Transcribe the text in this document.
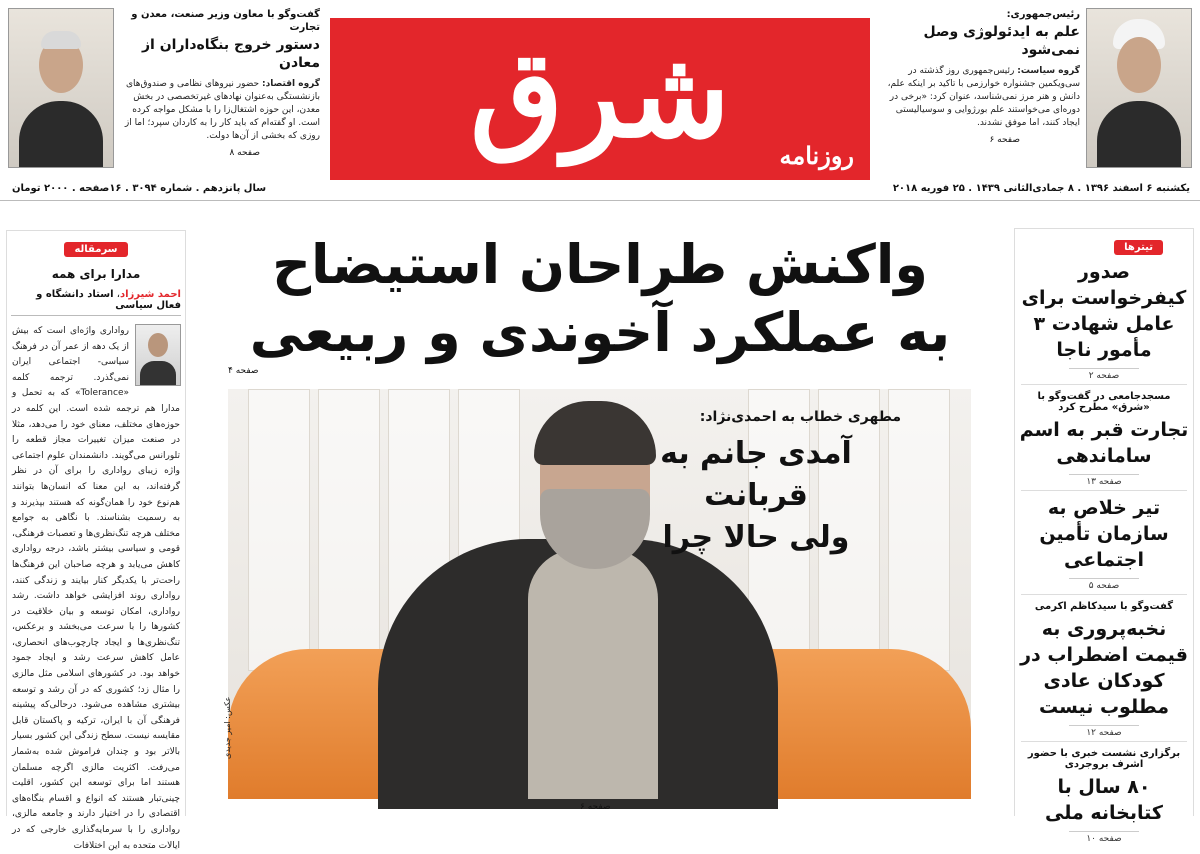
رئیس‌جمهوری:
علم به ایدئولوژی وصل نمی‌شود
گروه سیاست: رئیس‌جمهوری روز گذشته در سی‌ویکمین جشنواره خوارزمی با تاکید بر اینکه علم، دانش و هنر مرز نمی‌شناسد، عنوان کرد: «برخی در دوره‌ای می‌خواستند علم بورژوایی و سوسیالیستی ایجاد کنند، اما موفق نشدند.
صفحه ۶
شرق	روزنامه
گفت‌وگو با معاون وزیر صنعت، معدن و تجارت
دستور خروج بنگاه‌داران از معادن
گروه اقتصاد: حضور نیروهای نظامی و صندوق‌های بازنشستگی به‌عنوان نهادهای غیرتخصصی در بخش معدن، این حوزه اشتغال‌زا را با مشکل مواجه کرده است. او گفته‌ام که باید کار را به کاردان سپرد؛ اما از روزی که بخشی از آن‌ها دولت.
صفحه ۸
یکشنبه ۶ اسفند ۱۳۹۶ . ۸ جمادی‌الثانی ۱۴۳۹ . ۲۵ فوریه ۲۰۱۸
سال پانزدهم . شماره ۳۰۹۴ . ۱۶صفحه . ۲۰۰۰ تومان
سرمقاله
مدارا برای همه
احمد شیرزاد، استاد دانشگاه و فعال سیاسی
رواداری واژه‌ای است که بیش از یک دهه از عمر آن در فرهنگ سیاسی- اجتماعی ایران نمی‌گذرد. ترجمه کلمه «Tolerance» که به تحمل و مدارا هم ترجمه شده است. این کلمه در حوزه‌های مختلف، معنای خود را می‌دهد، مثلا در صنعت میزان تغییرات مجاز قطعه را تلورانس می‌گویند. دانشمندان علوم اجتماعی واژه زیبای رواداری را برای آن در نظر گرفته‌اند، به این معنا که انسان‌ها بتوانند هم‌نوع خود را همان‌گونه که هستند بپذیرند و به رسمیت بشناسند. با نگاهی به جوامع مختلف هرچه تنگ‌نظری‌ها و تعصبات فرهنگی، قومی و سیاسی بیشتر باشد، درجه رواداری کاهش می‌یابد و هرچه صاحبان این فرهنگ‌ها راحت‌تر با یکدیگر کنار بیایند و زندگی کنند، رواداری روند افزایشی خواهد داشت. رشد رواداری، امکان توسعه و بیان خلاقیت در کشورها را با سرعت می‌بخشد و برعکس، تنگ‌نظری‌ها و ایجاد چارچوب‌های انحصاری، عامل کاهش سرعت رشد و ایجاد جمود خواهد بود. در کشورهای اسلامی مثل مالزی را مثال زد؛ کشوری که در آن رشد و توسعه بیشتری مشاهده می‌شود. درحالی‌که پیشینه فرهنگی آن با ایران، ترکیه و پاکستان قابل مقایسه نیست. سطح زندگی این کشور بسیار بالاتر بود و چندان فراموش شده به‌شمار می‌رفت. اکثریت مالزی اگرچه مسلمان هستند اما برای توسعه این کشور، اقلیت چینی‌تبار هستند که انواع و اقسام بنگاه‌های اقتصادی را در اختیار دارند و جامعه مالزی، رواداری را با سرمایه‌گذاری خارجی که در ایالات متحده به این اختلافات
واکنش طراحان استیضاح
به عملکرد آخوندی و ربیعی
صفحه ۴
عکس: امیر جدیدی
مطهری خطاب به احمدی‌نژاد:
آمدی جانم به قربانت
ولی حالا چرا
صفحه ۶
تیترها
صدور کیفرخواست برای عامل شهادت ۳ مأمور ناجا
صفحه ۲
مسجدجامعی در گفت‌وگو با «شرق» مطرح کرد
تجارت قبر به اسم ساماندهی
صفحه ۱۳
تیر خلاص به سازمان تأمین اجتماعی
صفحه ۵
گفت‌وگو با سیدکاظم اکرمی
نخبه‌پروری به قیمت اضطراب در کودکان عادی مطلوب نیست
صفحه ۱۲
برگزاری نشست خبری با حضور اشرف بروجردی
۸۰ سال با کتابخانه ملی
صفحه ۱۰
